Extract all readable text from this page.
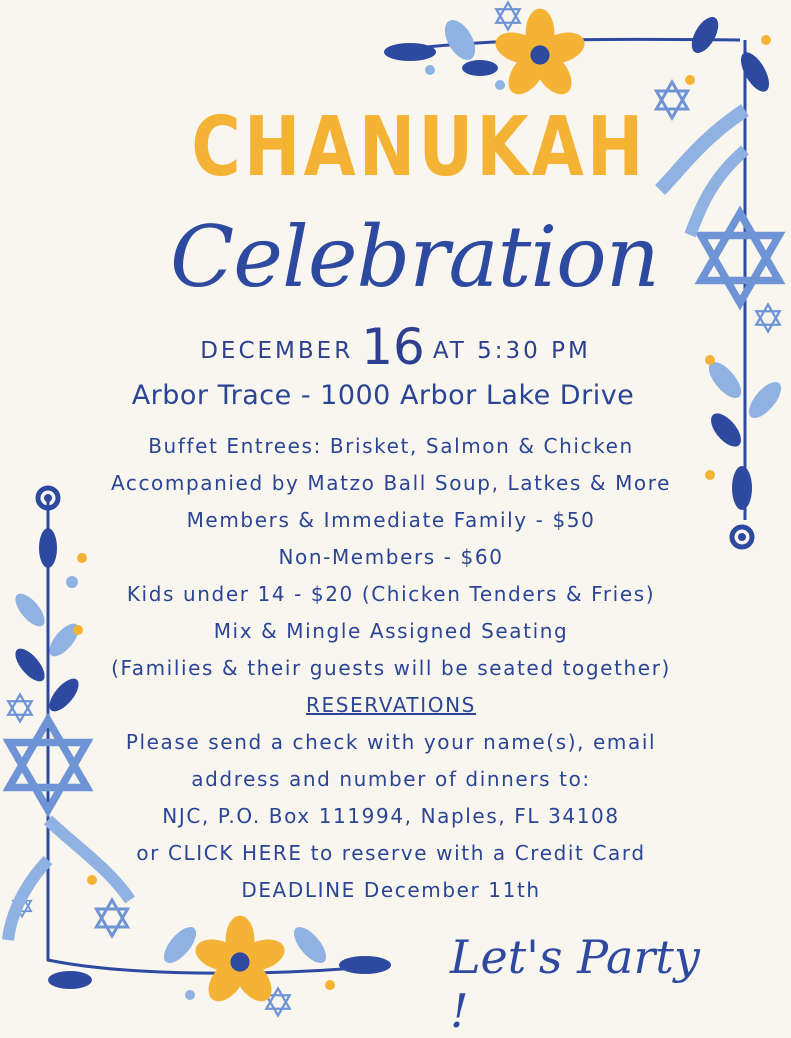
CHANUKAH
Celebration
DECEMBER 16 AT 5:30 PM
Arbor Trace - 1000 Arbor Lake Drive
Buffet Entrees: Brisket, Salmon & Chicken
Accompanied by Matzo Ball Soup, Latkes & More
Members & Immediate Family - $50
Non-Members - $60
Kids under 14 - $20 (Chicken Tenders & Fries)
Mix & Mingle Assigned Seating
(Families & their guests will be seated together)
RESERVATIONS
Please send a check with your name(s), email
address and number of dinners to:
NJC, P.O. Box 111994, Naples, FL 34108
or CLICK HERE to reserve with a Credit Card
DEADLINE December 11th
Let's Party !
